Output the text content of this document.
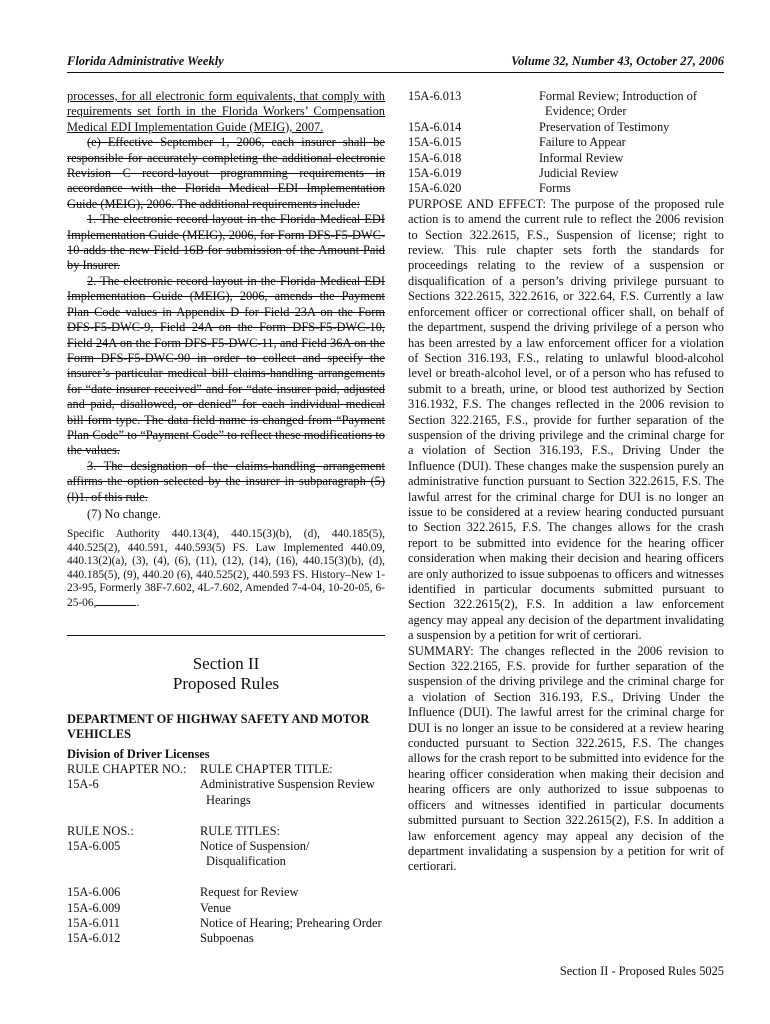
Florida Administrative Weekly	Volume 32, Number 43, October 27, 2006

processes, for all electronic form equivalents, that comply with requirements set forth in the Florida Workers’ Compensation Medical EDI Implementation Guide (MEIG), 2007.

(e) Effective September 1, 2006, each insurer shall be responsible for accurately completing the additional electronic Revision C record-layout programming requirements in accordance with the Florida Medical EDI Implementation Guide (MEIG), 2006. The additional requirements include:

1. The electronic record layout in the Florida Medical EDI Implementation Guide (MEIG), 2006, for Form DFS-F5-DWC-10 adds the new Field 16B for submission of the Amount Paid by Insurer.

2. The electronic record layout in the Florida Medical EDI Implementation Guide (MEIG), 2006, amends the Payment Plan Code values in Appendix D for Field 23A on the Form DFS-F5-DWC-9, Field 24A on the Form DFS-F5-DWC-10, Field 24A on the Form DFS-F5-DWC-11, and Field 36A on the Form DFS-F5-DWC-90 in order to collect and specify the insurer’s particular medical bill claims-handling arrangements for “date insurer received” and for “date insurer paid, adjusted and paid, disallowed, or denied” for each individual medical bill form type. The data field name is changed from “Payment Plan Code” to “Payment Code” to reflect these modifications to the values.

3. The designation of the claims-handling arrangement affirms the option selected by the insurer in subparagraph (5)(l)1. of this rule.

(7) No change.

Specific Authority 440.13(4), 440.15(3)(b), (d), 440.185(5), 440.525(2), 440.591, 440.593(5) FS. Law Implemented 440.09, 440.13(2)(a), (3), (4), (6), (11), (12), (14), (16), 440.15(3)(b), (d), 440.185(5), (9), 440.20 (6), 440.525(2), 440.593 FS. History–New 1-23-95, Formerly 38F-7.602, 4L-7.602, Amended 7-4-04, 10-20-05, 6-25-06,	.

Section II
Proposed Rules

DEPARTMENT OF HIGHWAY SAFETY AND MOTOR VEHICLES

Division of Driver Licenses

RULE CHAPTER NO.: RULE CHAPTER TITLE:
15A-6	Administrative Suspension Review
Hearings
RULE NOS.:	RULE TITLES:
15A-6.005	Notice of Suspension/
Disqualification
15A-6.006	Request for Review
15A-6.009	Venue
15A-6.011	Notice of Hearing; Prehearing Order
15A-6.012	Subpoenas
15A-6.013	Formal Review; Introduction of
Evidence; Order
15A-6.014	Preservation of Testimony
15A-6.015	Failure to Appear
15A-6.018	Informal Review
15A-6.019	Judicial Review
15A-6.020	Forms

PURPOSE AND EFFECT: The purpose of the proposed rule action is to amend the current rule to reflect the 2006 revision to Section 322.2615, F.S., Suspension of license; right to review. This rule chapter sets forth the standards for proceedings relating to the review of a suspension or disqualification of a person’s driving privilege pursuant to Sections 322.2615, 322.2616, or 322.64, F.S. Currently a law enforcement officer or correctional officer shall, on behalf of the department, suspend the driving privilege of a person who has been arrested by a law enforcement officer for a violation of Section 316.193, F.S., relating to unlawful blood-alcohol level or breath-alcohol level, or of a person who has refused to submit to a breath, urine, or blood test authorized by Section 316.1932, F.S. The changes reflected in the 2006 revision to Section 322.2165, F.S., provide for further separation of the suspension of the driving privilege and the criminal charge for a violation of Section 316.193, F.S., Driving Under the Influence (DUI). These changes make the suspension purely an administrative function pursuant to Section 322.2615, F.S. The lawful arrest for the criminal charge for DUI is no longer an issue to be considered at a review hearing conducted pursuant to Section 322.2615, F.S. The changes allows for the crash report to be submitted into evidence for the hearing officer consideration when making their decision and hearing officers are only authorized to issue subpoenas to officers and witnesses identified in particular documents submitted pursuant to Section 322.2615(2), F.S. In addition a law enforcement agency may appeal any decision of the department invalidating a suspension by a petition for writ of certiorari.

SUMMARY: The changes reflected in the 2006 revision to Section 322.2165, F.S. provide for further separation of the suspension of the driving privilege and the criminal charge for a violation of Section 316.193, F.S., Driving Under the Influence (DUI). The lawful arrest for the criminal charge for DUI is no longer an issue to be considered at a review hearing conducted pursuant to Section 322.2615, F.S. The changes allows for the crash report to be submitted into evidence for the hearing officer consideration when making their decision and hearing officers are only authorized to issue subpoenas to officers and witnesses identified in particular documents submitted pursuant to Section 322.2615(2), F.S. In addition a law enforcement agency may appeal any decision of the department invalidating a suspension by a petition for writ of certiorari.

Section II - Proposed Rules 5025
